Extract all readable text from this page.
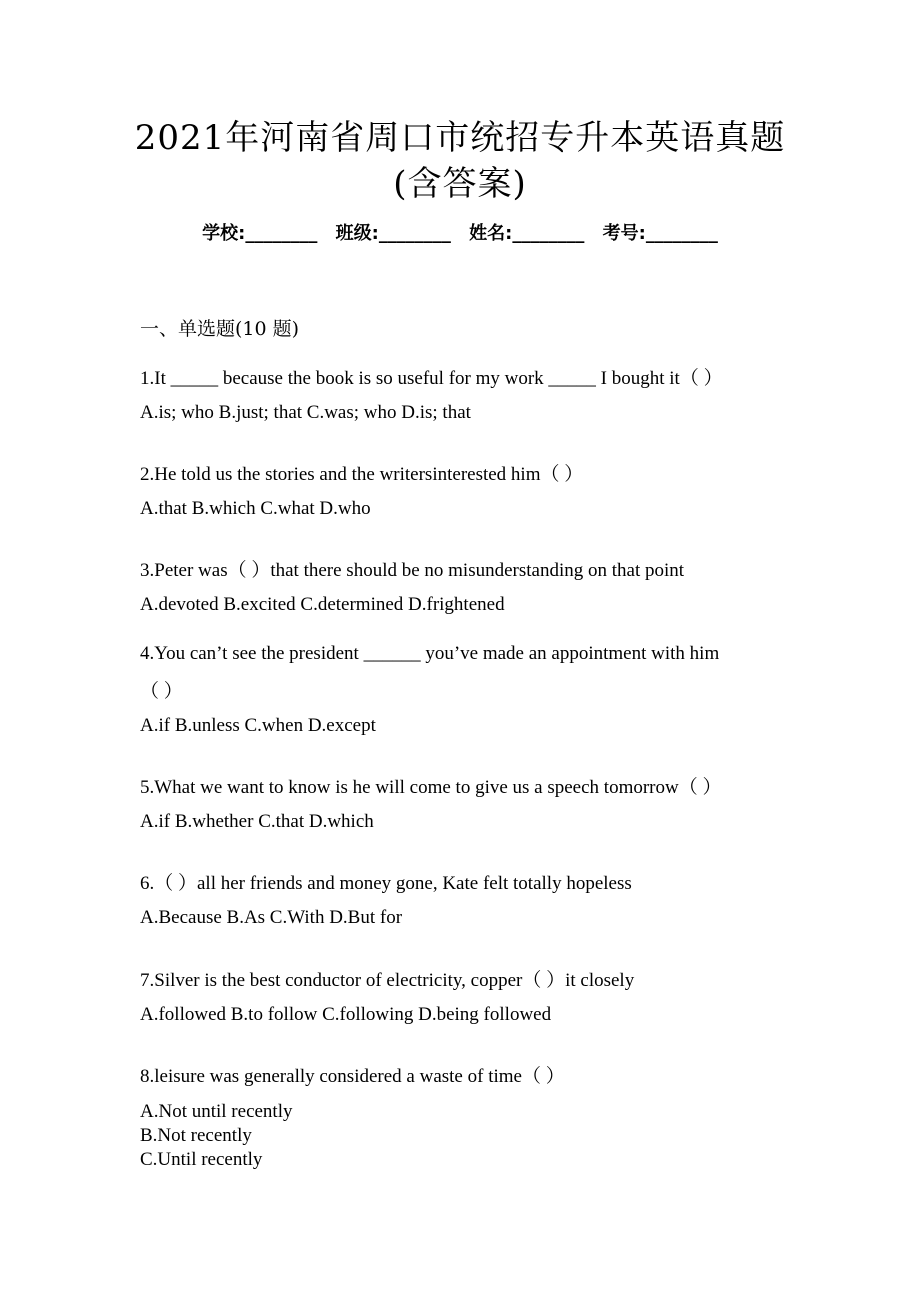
2021年河南省周口市统招专升本英语真题
(含答案)
学校:________ 班级:________ 姓名:________ 考号:________
一、单选题(10 题)
1.It _____ because the book is so useful for my work _____ I bought it（ ）
A.is; who B.just; that C.was; who D.is; that
2.He told us the stories and the writersinterested him（ ）
A.that B.which C.what D.who
3.Peter was（ ）that there should be no misunderstanding on that point
A.devoted B.excited C.determined D.frightened
4.You can’t see the president ______ you’ve made an appointment with him
（ ）
A.if B.unless C.when D.except
5.What we want to know is he will come to give us a speech tomorrow（ ）
A.if B.whether C.that D.which
6.（ ）all her friends and money gone, Kate felt totally hopeless
A.Because B.As C.With D.But for
7.Silver is the best conductor of electricity, copper（ ）it closely
A.followed B.to follow C.following D.being followed
8.leisure was generally considered a waste of time（ ）
A.Not until recently
B.Not recently
C.Until recently
